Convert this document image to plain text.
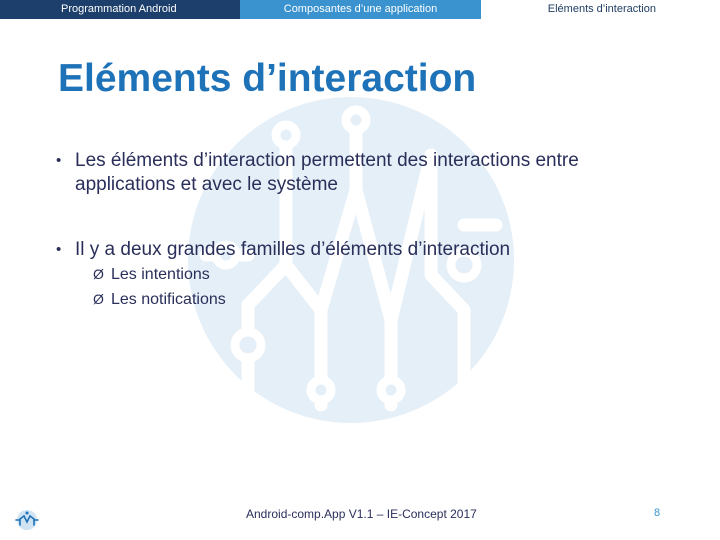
Programmation Android	Composantes d’une application	Eléments d’interaction
Eléments d’interaction
• Les éléments d’interaction permettent des interactions entre applications et avec le système
• Il y a deux grandes familles d’éléments d’interaction
Ø Les intentions
Ø Les notifications
Android-comp.App V1.1 – IE-Concept 2017	8
